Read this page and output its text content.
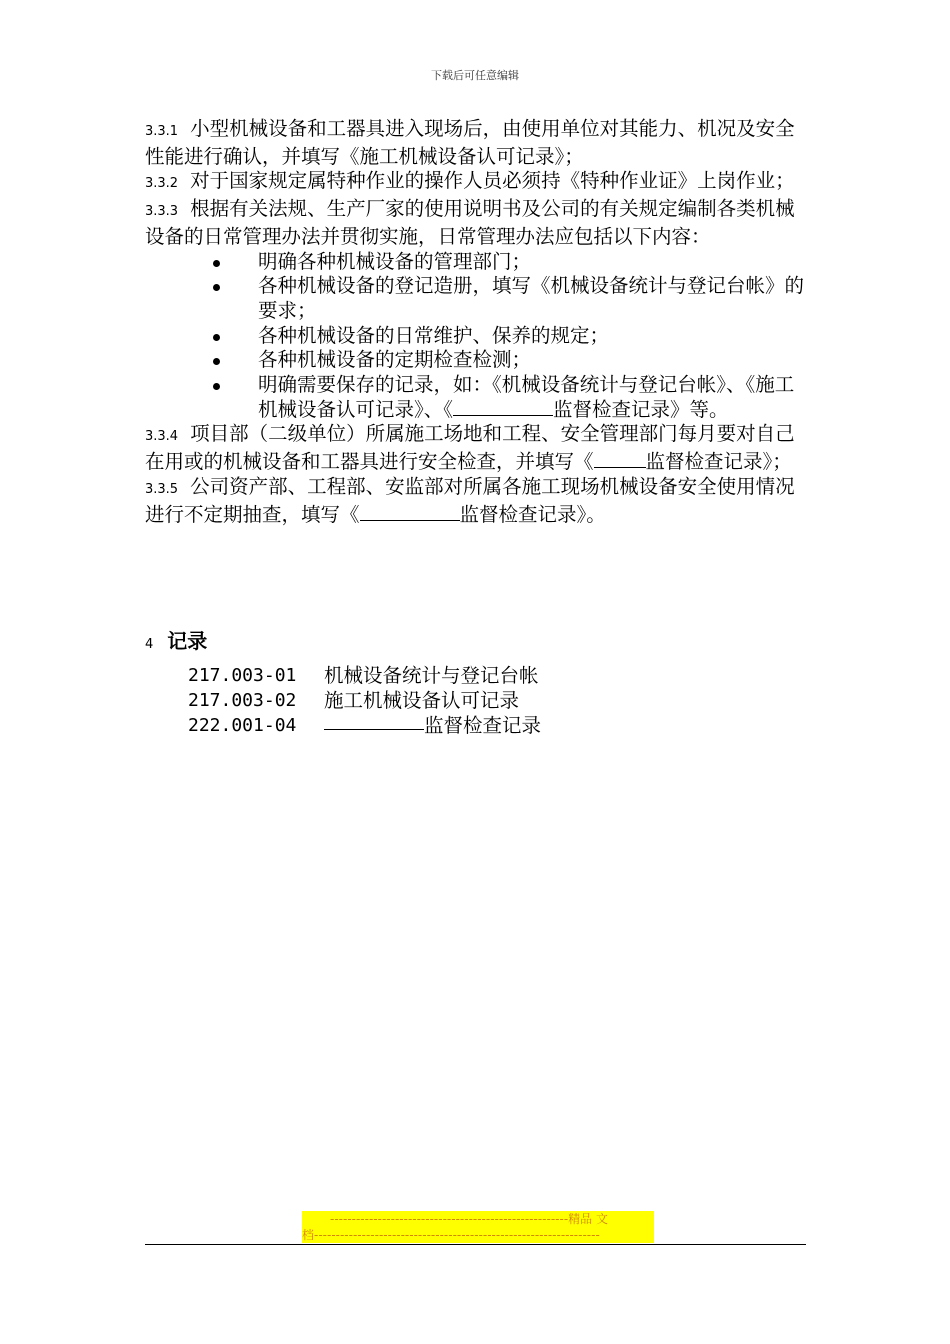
下载后可任意编辑

3.3.1 小型机械设备和工器具进入现场后，由使用单位对其能力、机况及安全性能进行确认，并填写《施工机械设备认可记录》；

3.3.2 对于国家规定属特种作业的操作人员必须持《特种作业证》上岗作业；

3.3.3 根据有关法规、生产厂家的使用说明书及公司的有关规定编制各类机械设备的日常管理办法并贯彻实施，日常管理办法应包括以下内容：

明确各种机械设备的管理部门；
各种机械设备的登记造册，填写《机械设备统计与登记台帐》的要求；
各种机械设备的日常维护、保养的规定；
各种机械设备的定期检查检测；
明确需要保存的记录，如：《机械设备统计与登记台帐》、《施工机械设备认可记录》、《	监督检查记录》等。

3.3.4 项目部（二级单位）所属施工场地和工程、安全管理部门每月要对自己在用或的机械设备和工器具进行安全检查，并填写《	监督检查记录》；

3.3.5 公司资产部、工程部、安监部对所属各施工现场机械设备安全使用情况进行不定期抽查，填写《	监督检查记录》。

4 记录
217.003-01	机械设备统计与登记台帐
217.003-02	施工机械设备认可记录
222.001-04	监督检查记录
-------------------------------------------------------精品 文
档------------------------------------------------------------------
